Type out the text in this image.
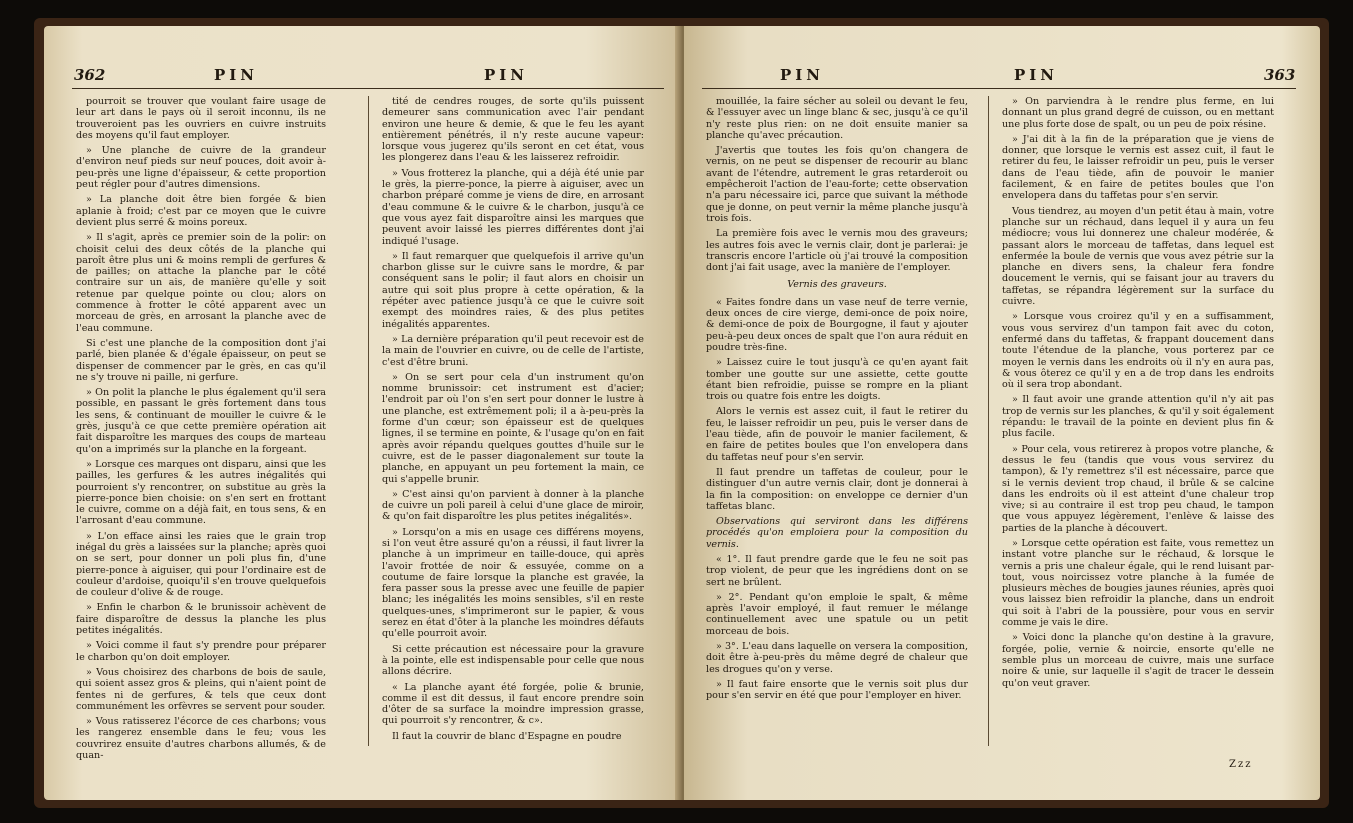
362	PIN	PIN

pourroit se trouver que voulant faire usage de leur art dans le pays où il seroit inconnu, ils ne trouveroient pas les ouvriers en cuivre instruits des moyens qu'il faut employer.

» Une planche de cuivre de la grandeur d'environ neuf pieds sur neuf pouces, doit avoir à-peu-près une ligne d'épaisseur, & cette proportion peut régler pour d'autres dimensions.

» La planche doit être bien forgée & bien aplanie à froid; c'est par ce moyen que le cuivre devient plus serré & moins poreux.

» Il s'agit, après ce premier soin de la polir: on choisit celui des deux côtés de la planche qui paroît être plus uni & moins rempli de gerfures & de pailles; on attache la planche par le côté contraire sur un ais, de manière qu'elle y soit retenue par quelque pointe ou clou; alors on commence à frotter le côté apparent avec un morceau de grès, en arrosant la planche avec de l'eau commune.

Si c'est une planche de la composition dont j'ai parlé, bien planée & d'égale épaisseur, on peut se dispenser de commencer par le grès, en cas qu'il ne s'y trouve ni paille, ni gerfure.

» On polit la planche le plus également qu'il sera possible, en passant le grès fortement dans tous les sens, & continuant de mouiller le cuivre & le grès, jusqu'à ce que cette première opération ait fait disparoître les marques des coups de marteau qu'on a imprimés sur la planche en la forgeant.

» Lorsque ces marques ont disparu, ainsi que les pailles, les gerfures & les autres inégalités qui pourroient s'y rencontrer, on substitue au grès la pierre-ponce bien choisie: on s'en sert en frottant le cuivre, comme on a déjà fait, en tous sens, & en l'arrosant d'eau commune.

» L'on efface ainsi les raies que le grain trop inégal du grès a laissées sur la planche; après quoi on se sert, pour donner un poli plus fin, d'une pierre-ponce à aiguiser, qui pour l'ordinaire est de couleur d'ardoise, quoiqu'il s'en trouve quelquefois de couleur d'olive & de rouge.

» Enfin le charbon & le brunissoir achèvent de faire disparoître de dessus la planche les plus petites inégalités.

» Voici comme il faut s'y prendre pour préparer le charbon qu'on doit employer.

» Vous choisirez des charbons de bois de saule, qui soient assez gros & pleins, qui n'aient point de fentes ni de gerfures, & tels que ceux dont communément les orfèvres se servent pour souder.

» Vous ratisserez l'écorce de ces charbons; vous les rangerez ensemble dans le feu; vous les couvrirez ensuite d'autres charbons allumés, & de quan-

tité de cendres rouges, de sorte qu'ils puissent demeurer sans communication avec l'air pendant environ une heure & demie, & que le feu les ayant entièrement pénétrés, il n'y reste aucune vapeur: lorsque vous jugerez qu'ils seront en cet état, vous les plongerez dans l'eau & les laisserez refroidir.

» Vous frotterez la planche, qui a déjà été unie par le grès, la pierre-ponce, la pierre à aiguiser, avec un charbon préparé comme je viens de dire, en arrosant d'eau commune & le cuivre & le charbon, jusqu'à ce que vous ayez fait disparoître ainsi les marques que peuvent avoir laissé les pierres différentes dont j'ai indiqué l'usage.

» Il faut remarquer que quelquefois il arrive qu'un charbon glisse sur le cuivre sans le mordre, & par conséquent sans le polir; il faut alors en choisir un autre qui soit plus propre à cette opération, & la répéter avec patience jusqu'à ce que le cuivre soit exempt des moindres raies, & des plus petites inégalités apparentes.

» La dernière préparation qu'il peut recevoir est de la main de l'ouvrier en cuivre, ou de celle de l'artiste, c'est d'être bruni.

» On se sert pour cela d'un instrument qu'on nomme brunissoir: cet instrument est d'acier; l'endroit par où l'on s'en sert pour donner le lustre à une planche, est extrêmement poli; il a à-peu-près la forme d'un cœur; son épaisseur est de quelques lignes, il se termine en pointe, & l'usage qu'on en fait après avoir répandu quelques gouttes d'huile sur le cuivre, est de le passer diagonalement sur toute la planche, en appuyant un peu fortement la main, ce qui s'appelle brunir.

» C'est ainsi qu'on parvient à donner à la planche de cuivre un poli pareil à celui d'une glace de miroir, & qu'on fait disparoître les plus petites inégalités».

» Lorsqu'on a mis en usage ces différens moyens, si l'on veut être assuré qu'on a réussi, il faut livrer la planche à un imprimeur en taille-douce, qui après l'avoir frottée de noir & essuyée, comme on a coutume de faire lorsque la planche est gravée, la fera passer sous la presse avec une feuille de papier blanc; les inégalités les moins sensibles, s'il en reste quelques-unes, s'imprimeront sur le papier, & vous serez en état d'ôter à la planche les moindres défauts qu'elle pourroit avoir.

Si cette précaution est nécessaire pour la gravure à la pointe, elle est indispensable pour celle que nous allons décrire.

« La planche ayant été forgée, polie & brunie, comme il est dit dessus, il faut encore prendre soin d'ôter de sa surface la moindre impression grasse, qui pourroit s'y rencontrer, & c».

Il faut la couvrir de blanc d'Espagne en poudre

PIN	PIN	363

mouillée, la faire sécher au soleil ou devant le feu, & l'essuyer avec un linge blanc & sec, jusqu'à ce qu'il n'y reste plus rien: on ne doit ensuite manier sa planche qu'avec précaution.

J'avertis que toutes les fois qu'on changera de vernis, on ne peut se dispenser de recourir au blanc avant de l'étendre, autrement le gras retarderoit ou empêcheroit l'action de l'eau-forte; cette observation n'a paru nécessaire ici, parce que suivant la méthode que je donne, on peut vernir la même planche jusqu'à trois fois.

La première fois avec le vernis mou des graveurs; les autres fois avec le vernis clair, dont je parlerai: je transcris encore l'article où j'ai trouvé la composition dont j'ai fait usage, avec la manière de l'employer.

Vernis des graveurs.

« Faites fondre dans un vase neuf de terre vernie, deux onces de cire vierge, demi-once de poix noire, & demi-once de poix de Bourgogne, il faut y ajouter peu-à-peu deux onces de spalt que l'on aura réduit en poudre très-fine.

» Laissez cuire le tout jusqu'à ce qu'en ayant fait tomber une goutte sur une assiette, cette goutte étant bien refroidie, puisse se rompre en la pliant trois ou quatre fois entre les doigts.

Alors le vernis est assez cuit, il faut le retirer du feu, le laisser refroidir un peu, puis le verser dans de l'eau tiède, afin de pouvoir le manier facilement, & en faire de petites boules que l'on envelopera dans du taffetas neuf pour s'en servir.

Il faut prendre un taffetas de couleur, pour le distinguer d'un autre vernis clair, dont je donnerai à la fin la composition: on enveloppe ce dernier d'un taffetas blanc.

Observations qui serviront dans les différens procédés qu'on emploiera pour la composition du vernis.

« 1°. Il faut prendre garde que le feu ne soit pas trop violent, de peur que les ingrédiens dont on se sert ne brûlent.

» 2°. Pendant qu'on emploie le spalt, & même après l'avoir employé, il faut remuer le mélange continuellement avec une spatule ou un petit morceau de bois.

» 3°. L'eau dans laquelle on versera la composition, doit être à-peu-près du même degré de chaleur que les drogues qu'on y verse.

» Il faut faire ensorte que le vernis soit plus dur pour s'en servir en été que pour l'employer en hiver.

» On parviendra à le rendre plus ferme, en lui donnant un plus grand degré de cuisson, ou en mettant une plus forte dose de spalt, ou un peu de poix résine.

» J'ai dit à la fin de la préparation que je viens de donner, que lorsque le vernis est assez cuit, il faut le retirer du feu, le laisser refroidir un peu, puis le verser dans de l'eau tiède, afin de pouvoir le manier facilement, & en faire de petites boules que l'on envelopera dans du taffetas pour s'en servir.

Vous tiendrez, au moyen d'un petit étau à main, votre planche sur un réchaud, dans lequel il y aura un feu médiocre; vous lui donnerez une chaleur modérée, & passant alors le morceau de taffetas, dans lequel est enfermée la boule de vernis que vous avez pétrie sur la planche en divers sens, la chaleur fera fondre doucement le vernis, qui se faisant jour au travers du taffetas, se répandra légèrement sur la surface du cuivre.

» Lorsque vous croirez qu'il y en a suffisamment, vous vous servirez d'un tampon fait avec du coton, enfermé dans du taffetas, & frappant doucement dans toute l'étendue de la planche, vous porterez par ce moyen le vernis dans les endroits où il n'y en aura pas, & vous ôterez ce qu'il y en a de trop dans les endroits où il sera trop abondant.

» Il faut avoir une grande attention qu'il n'y ait pas trop de vernis sur les planches, & qu'il y soit également répandu: le travail de la pointe en devient plus fin & plus facile.

» Pour cela, vous retirerez à propos votre planche, & dessus le feu (tandis que vous vous servirez du tampon), & l'y remettrez s'il est nécessaire, parce que si le vernis devient trop chaud, il brûle & se calcine dans les endroits où il est atteint d'une chaleur trop vive; si au contraire il est trop peu chaud, le tampon que vous appuyez légèrement, l'enlève & laisse des parties de la planche à découvert.

» Lorsque cette opération est faite, vous remettez un instant votre planche sur le réchaud, & lorsque le vernis a pris une chaleur égale, qui le rend luisant par-tout, vous noircissez votre planche à la fumée de plusieurs mèches de bougies jaunes réunies, après quoi vous laissez bien refroidir la planche, dans un endroit qui soit à l'abri de la poussière, pour vous en servir comme je vais le dire.

» Voici donc la planche qu'on destine à la gravure, forgée, polie, vernie & noircie, ensorte qu'elle ne semble plus un morceau de cuivre, mais une surface noire & unie, sur laquelle il s'agit de tracer le dessein qu'on veut graver.

Zzz
